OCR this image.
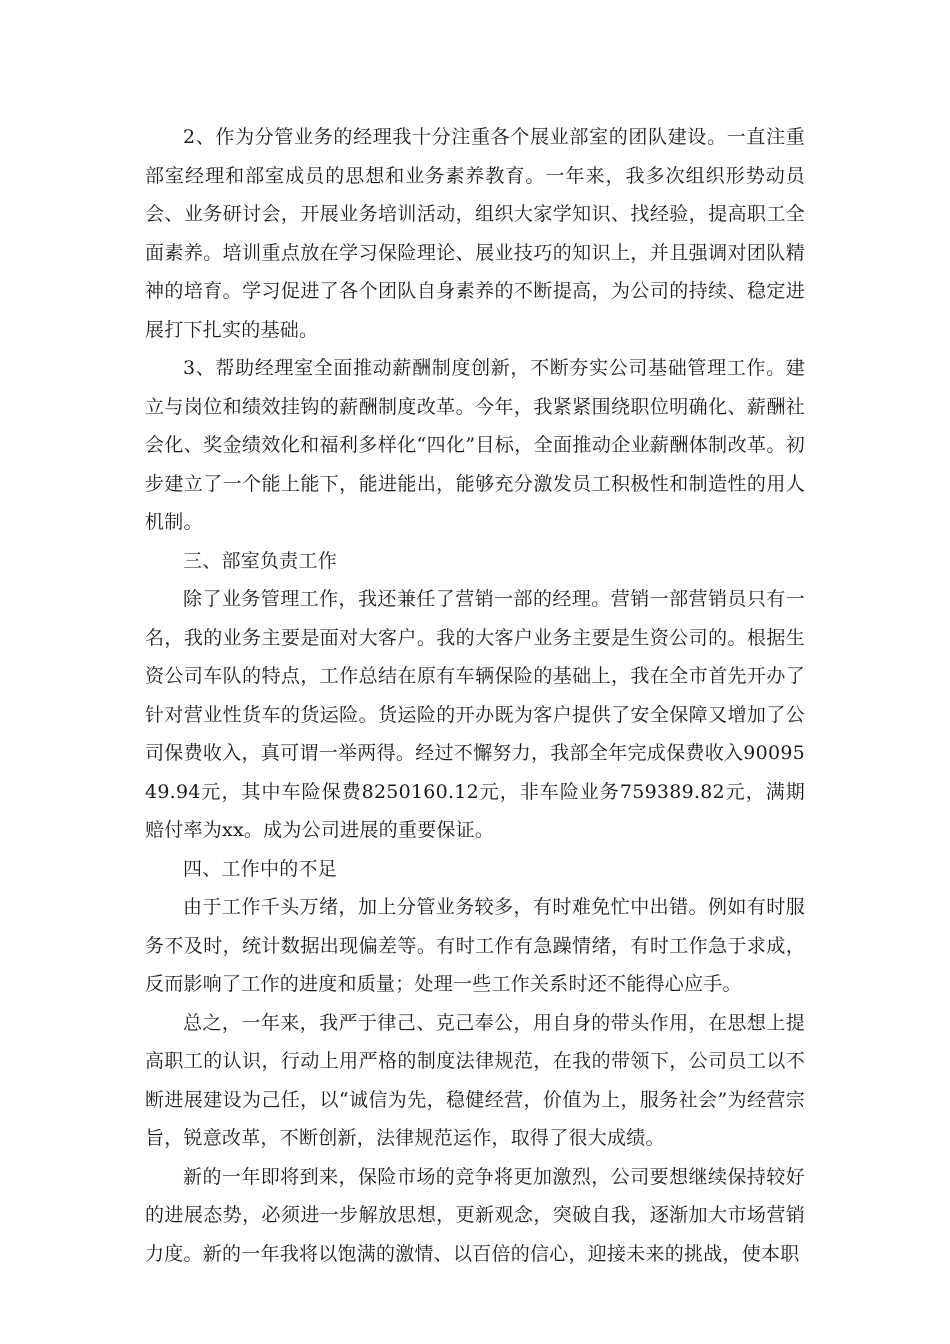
2、作为分管业务的经理我十分注重各个展业部室的团队建设。一直注重部室经理和部室成员的思想和业务素养教育。一年来，我多次组织形势动员会、业务研讨会，开展业务培训活动，组织大家学知识、找经验，提高职工全面素养。培训重点放在学习保险理论、展业技巧的知识上，并且强调对团队精神的培育。学习促进了各个团队自身素养的不断提高，为公司的持续、稳定进展打下扎实的基础。

3、帮助经理室全面推动薪酬制度创新，不断夯实公司基础管理工作。建立与岗位和绩效挂钩的薪酬制度改革。今年，我紧紧围绕职位明确化、薪酬社会化、奖金绩效化和福利多样化“四化”目标，全面推动企业薪酬体制改革。初步建立了一个能上能下，能进能出，能够充分激发员工积极性和制造性的用人机制。

三、部室负责工作

除了业务管理工作，我还兼任了营销一部的经理。营销一部营销员只有一名，我的业务主要是面对大客户。我的大客户业务主要是生资公司的。根据生资公司车队的特点，工作总结在原有车辆保险的基础上，我在全市首先开办了针对营业性货车的货运险。货运险的开办既为客户提供了安全保障又增加了公司保费收入，真可谓一举两得。经过不懈努力，我部全年完成保费收入9009549.94元，其中车险保费8250160.12元，非车险业务759389.82元，满期赔付率为xx。成为公司进展的重要保证。

四、工作中的不足

由于工作千头万绪，加上分管业务较多，有时难免忙中出错。例如有时服务不及时，统计数据出现偏差等。有时工作有急躁情绪，有时工作急于求成，反而影响了工作的进度和质量；处理一些工作关系时还不能得心应手。

总之，一年来，我严于律己、克己奉公，用自身的带头作用，在思想上提高职工的认识，行动上用严格的制度法律规范，在我的带领下，公司员工以不断进展建设为己任，以“诚信为先，稳健经营，价值为上，服务社会”为经营宗旨，锐意改革，不断创新，法律规范运作，取得了很大成绩。

新的一年即将到来，保险市场的竞争将更加激烈，公司要想继续保持较好的进展态势，必须进一步解放思想，更新观念，突破自我，逐渐加大市场营销力度。新的一年我将以饱满的激情、以百倍的信心，迎接未来的挑战，使本职
